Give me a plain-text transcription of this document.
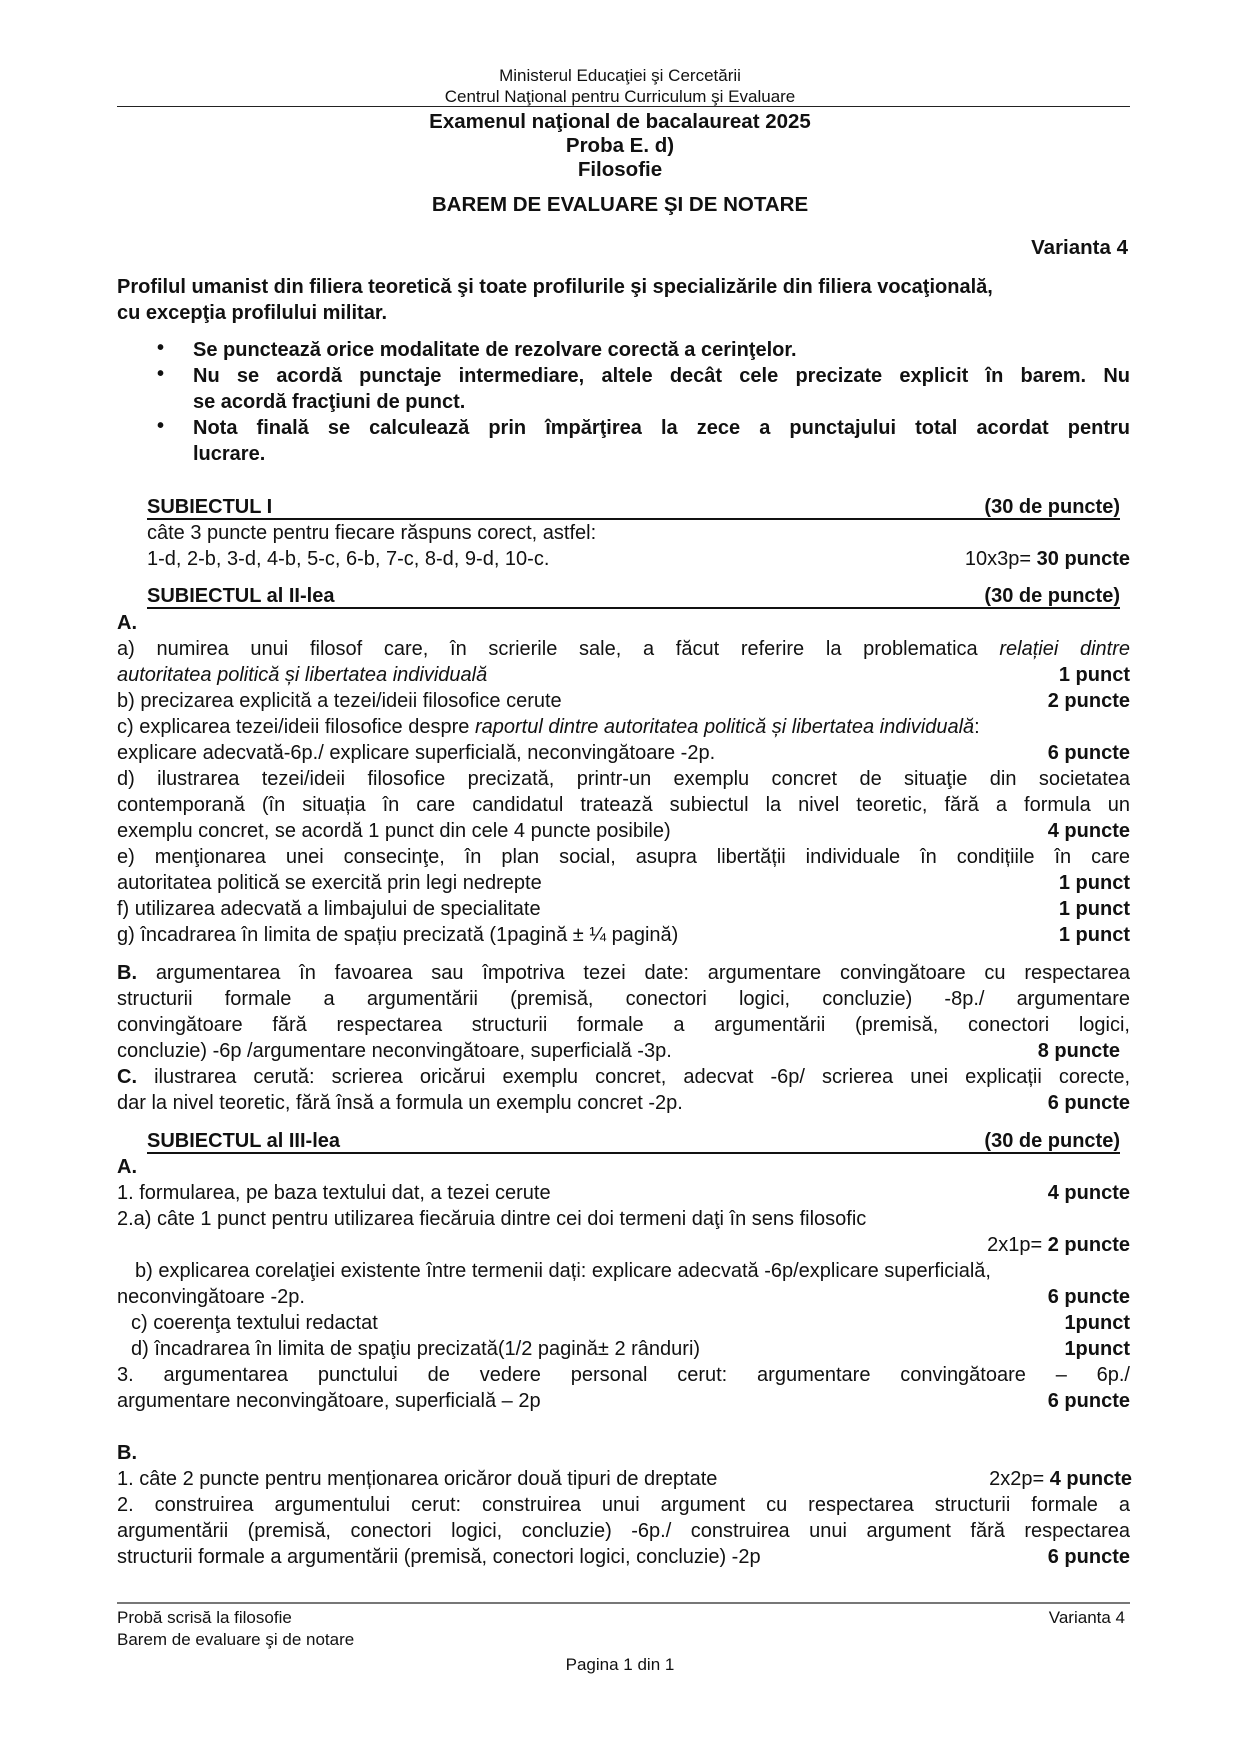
Ministerul Educaţiei şi Cercetării
Centrul Naţional pentru Curriculum şi Evaluare
Examenul naţional de bacalaureat 2025
Proba E. d)
Filosofie
BAREM DE EVALUARE ŞI DE NOTARE
Varianta 4
Profilul umanist din filiera teoretică şi toate profilurile şi specializările din filiera vocaţională,
cu excepţia profilului militar.
• Se punctează orice modalitate de rezolvare corectă a cerinţelor.
• Nu se acordă punctaje intermediare, altele decât cele precizate explicit în barem. Nu
se acordă fracţiuni de punct.
• Nota finală se calculează prin împărţirea la zece a punctajului total acordat pentru
lucrare.
SUBIECTUL I	(30 de puncte)
câte 3 puncte pentru fiecare răspuns corect, astfel:
1-d, 2-b, 3-d, 4-b, 5-c, 6-b, 7-c, 8-d, 9-d, 10-c.	10x3p= 30 puncte
SUBIECTUL al II-lea	(30 de puncte)
A.
a) numirea unui filosof care, în scrierile sale, a făcut referire la problematica relației dintre
autoritatea politică și libertatea individuală	1 punct
b) precizarea explicită a tezei/ideii filosofice cerute	2 puncte
c) explicarea tezei/ideii filosofice despre raportul dintre autoritatea politică și libertatea individuală:
explicare adecvată-6p./ explicare superficială, neconvingătoare -2p.	6 puncte
d) ilustrarea tezei/ideii filosofice precizată, printr-un exemplu concret de situaţie din societatea
contemporană (în situația în care candidatul tratează subiectul la nivel teoretic, fără a formula un
exemplu concret, se acordă 1 punct din cele 4 puncte posibile)	4 puncte
e) menţionarea unei consecinţe, în plan social, asupra libertății individuale în condițiile în care
autoritatea politică se exercită prin legi nedrepte	1 punct
f) utilizarea adecvată a limbajului de specialitate	1 punct
g) încadrarea în limita de spațiu precizată (1pagină ± ¼ pagină)	1 punct
B. argumentarea în favoarea sau împotriva tezei date: argumentare convingătoare cu respectarea
structurii formale a argumentării (premisă, conectori logici, concluzie) -8p./ argumentare
convingătoare fără respectarea structurii formale a argumentării (premisă, conectori logici,
concluzie) -6p /argumentare neconvingătoare, superficială -3p.	8 puncte
C. ilustrarea cerută: scrierea oricărui exemplu concret, adecvat -6p/ scrierea unei explicații corecte,
dar la nivel teoretic, fără însă a formula un exemplu concret -2p.	6 puncte
SUBIECTUL al III-lea	(30 de puncte)
A.
1. formularea, pe baza textului dat, a tezei cerute	4 puncte
2.a) câte 1 punct pentru utilizarea fiecăruia dintre cei doi termeni daţi în sens filosofic
2x1p= 2 puncte
b) explicarea corelaţiei existente între termenii dați: explicare adecvată -6p/explicare superficială,
neconvingătoare -2p.	6 puncte
c) coerenţa textului redactat	1punct
d) încadrarea în limita de spaţiu precizată(1/2 pagină± 2 rânduri)	1punct
3. argumentarea punctului de vedere personal cerut: argumentare convingătoare – 6p./
argumentare neconvingătoare, superficială – 2p	6 puncte
B.
1. câte 2 puncte pentru menționarea oricăror două tipuri de dreptate	2x2p= 4 puncte
2. construirea argumentului cerut: construirea unui argument cu respectarea structurii formale a
argumentării (premisă, conectori logici, concluzie) -6p./ construirea unui argument fără respectarea
structurii formale a argumentării (premisă, conectori logici, concluzie) -2p	6 puncte
Probă scrisă la filosofie	Varianta 4
Barem de evaluare şi de notare
Pagina 1 din 1
